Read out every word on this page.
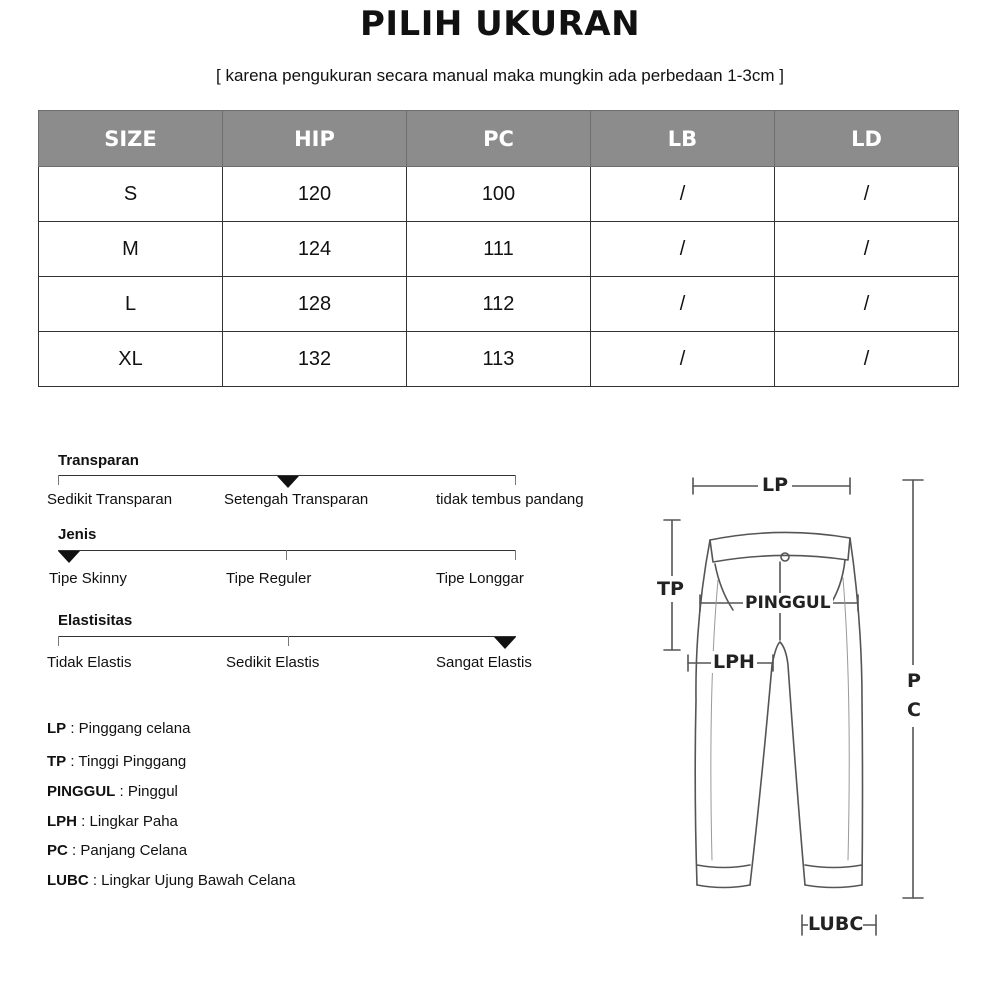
PILIH UKURAN
[ karena pengukuran secara manual maka mungkin ada perbedaan 1-3cm ]
SIZE	HIP	PC	LB	LD
S	120	100	/	/
M	124	111	/	/
L	128	112	/	/
XL	132	113	/	/
Transparan
Sedikit Transparan	Setengah Transparan	tidak tembus pandang
Jenis
Tipe Skinny	Tipe Reguler	Tipe Longgar
Elastisitas
Tidak Elastis	Sedikit Elastis	Sangat Elastis
LP : Pinggang celana
TP : Tinggi Pinggang
PINGGUL : Pinggul
LPH : Lingkar Paha
PC : Panjang Celana
LUBC : Lingkar Ujung Bawah Celana
LP
TP
PINGGUL
LPH
P
C
LUBC
